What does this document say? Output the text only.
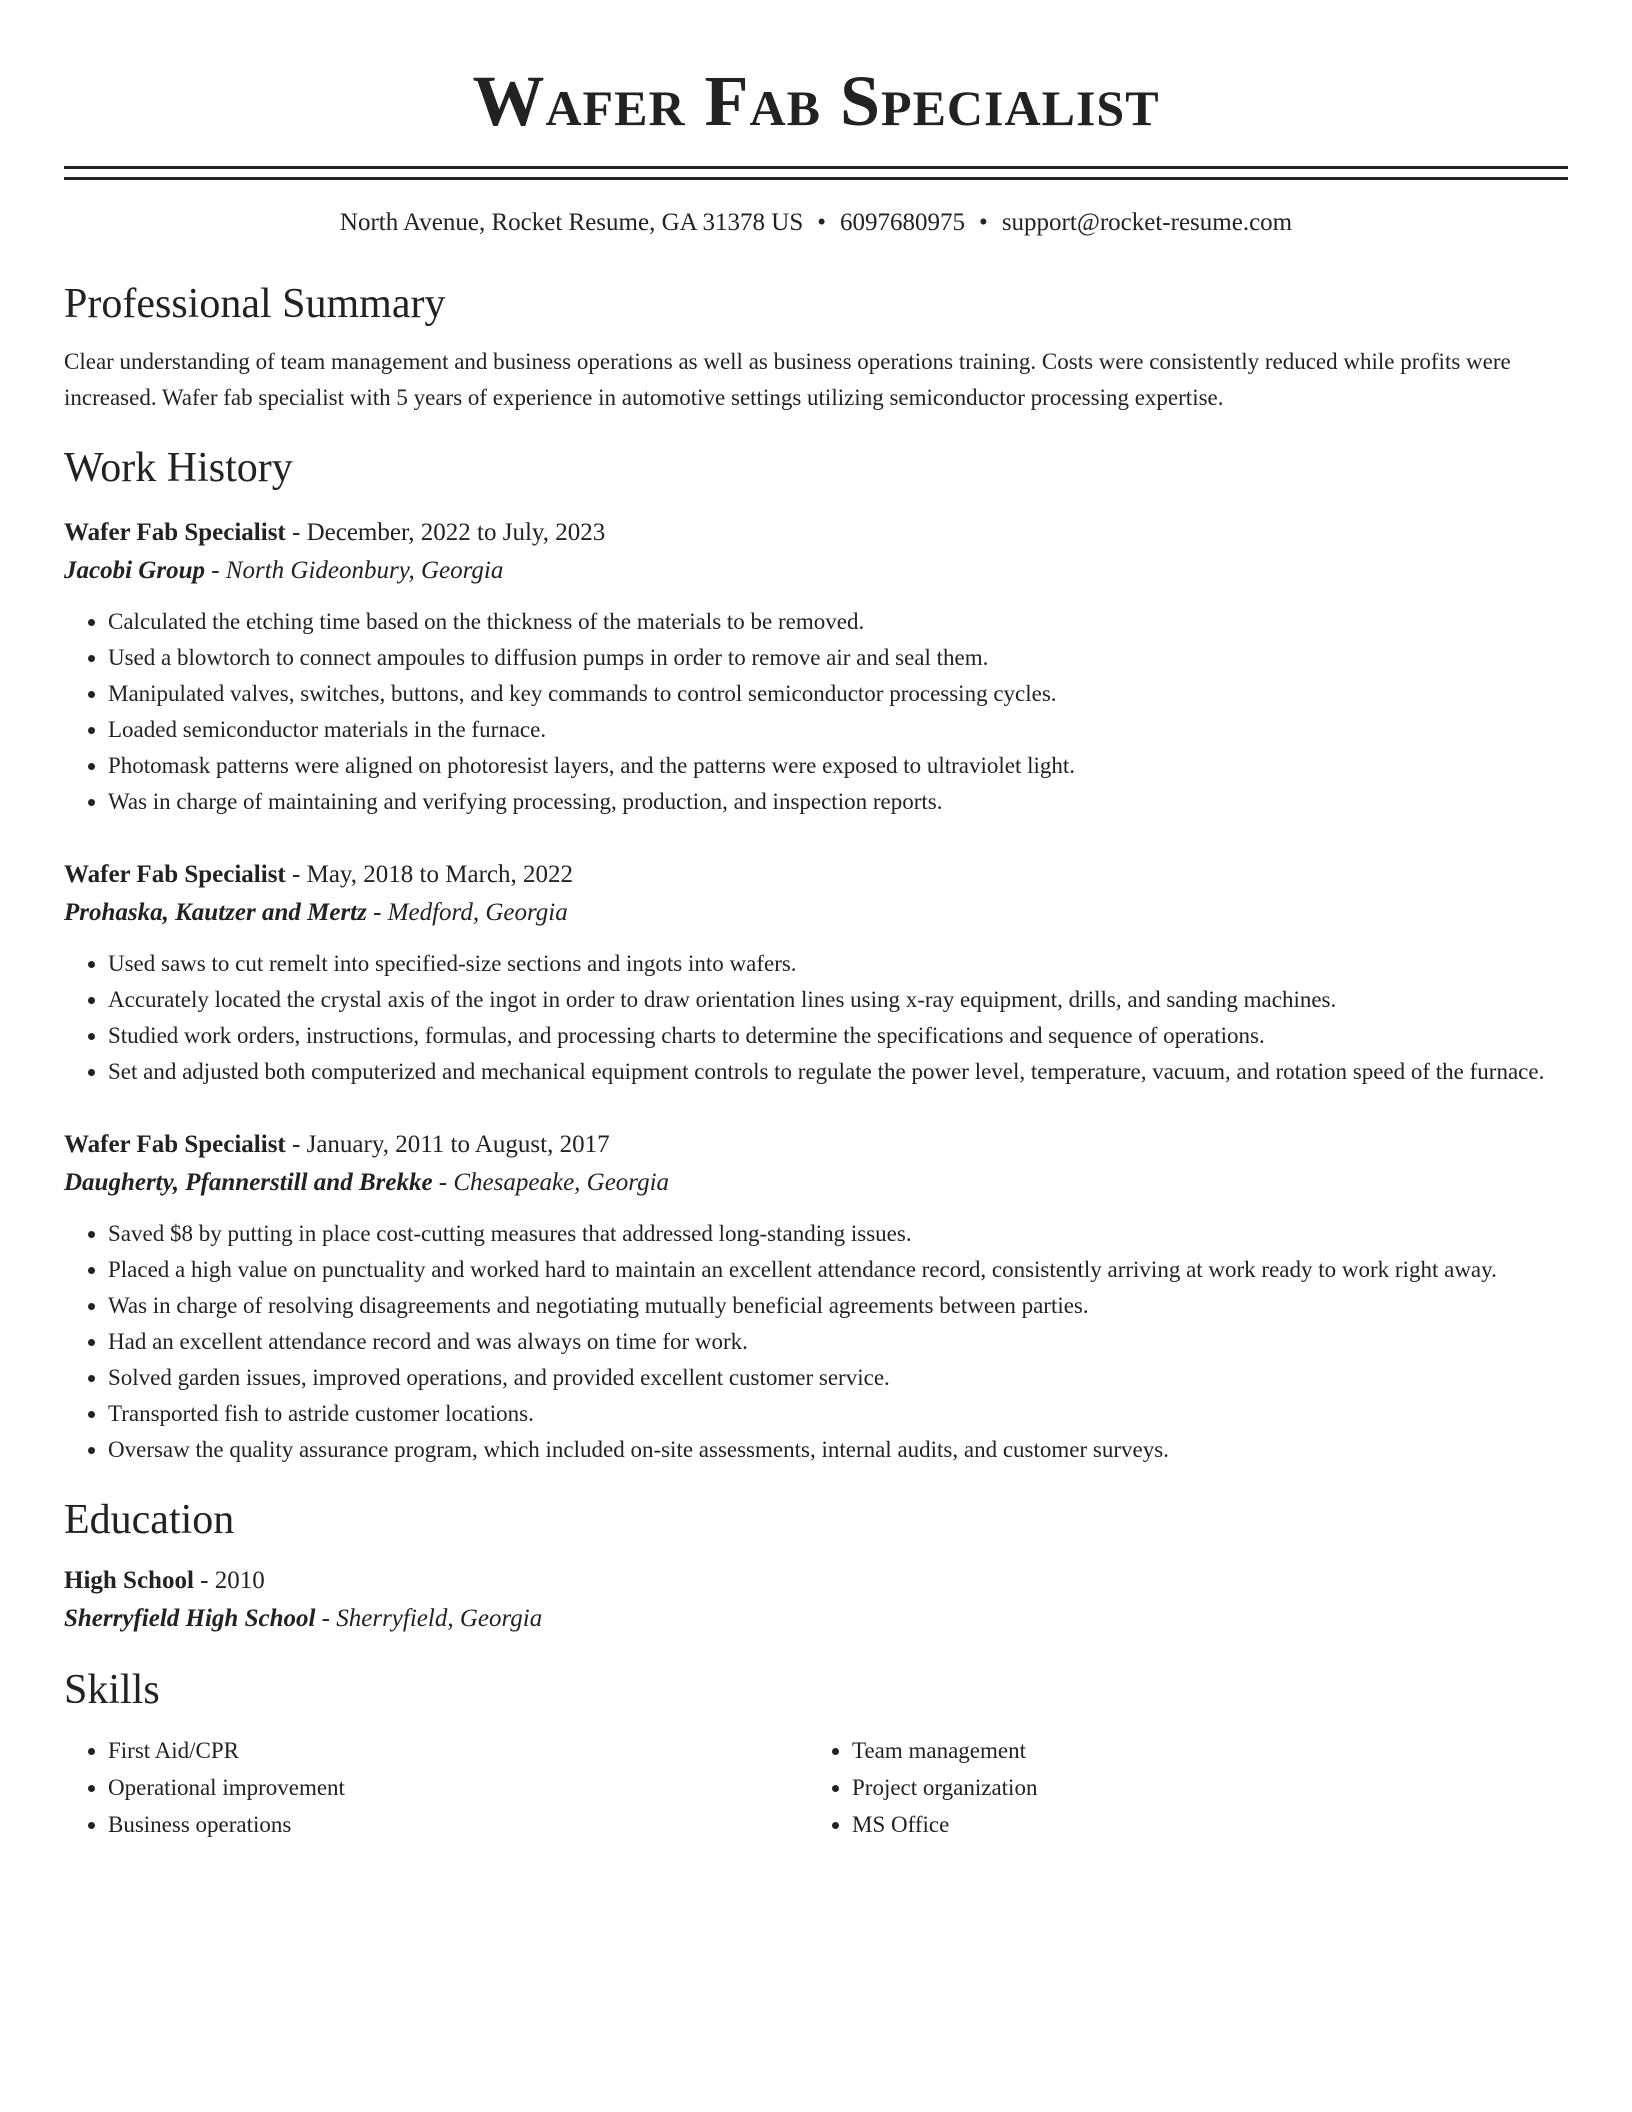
Wafer Fab Specialist
North Avenue, Rocket Resume, GA 31378 US • 6097680975 • support@rocket-resume.com
Professional Summary

Clear understanding of team management and business operations as well as business operations training. Costs were consistently reduced while profits were increased. Wafer fab specialist with 5 years of experience in automotive settings utilizing semiconductor processing expertise.

Work History
Wafer Fab Specialist - December, 2022 to July, 2023
Jacobi Group - North Gideonbury, Georgia
• Calculated the etching time based on the thickness of the materials to be removed.
• Used a blowtorch to connect ampoules to diffusion pumps in order to remove air and seal them.
• Manipulated valves, switches, buttons, and key commands to control semiconductor processing cycles.
• Loaded semiconductor materials in the furnace.
• Photomask patterns were aligned on photoresist layers, and the patterns were exposed to ultraviolet light.
• Was in charge of maintaining and verifying processing, production, and inspection reports.
Wafer Fab Specialist - May, 2018 to March, 2022
Prohaska, Kautzer and Mertz - Medford, Georgia
• Used saws to cut remelt into specified-size sections and ingots into wafers.
• Accurately located the crystal axis of the ingot in order to draw orientation lines using x-ray equipment, drills, and sanding machines.
• Studied work orders, instructions, formulas, and processing charts to determine the specifications and sequence of operations.
• Set and adjusted both computerized and mechanical equipment controls to regulate the power level, temperature, vacuum, and rotation speed of the furnace.
Wafer Fab Specialist - January, 2011 to August, 2017
Daugherty, Pfannerstill and Brekke - Chesapeake, Georgia
• Saved $8 by putting in place cost-cutting measures that addressed long-standing issues.
• Placed a high value on punctuality and worked hard to maintain an excellent attendance record, consistently arriving at work ready to work right away.
• Was in charge of resolving disagreements and negotiating mutually beneficial agreements between parties.
• Had an excellent attendance record and was always on time for work.
• Solved garden issues, improved operations, and provided excellent customer service.
• Transported fish to astride customer locations.
• Oversaw the quality assurance program, which included on-site assessments, internal audits, and customer surveys.
Education
High School - 2010
Sherryfield High School - Sherryfield, Georgia
Skills
• First Aid/CPR
• Operational improvement
• Business operations
• Team management
• Project organization
• MS Office
